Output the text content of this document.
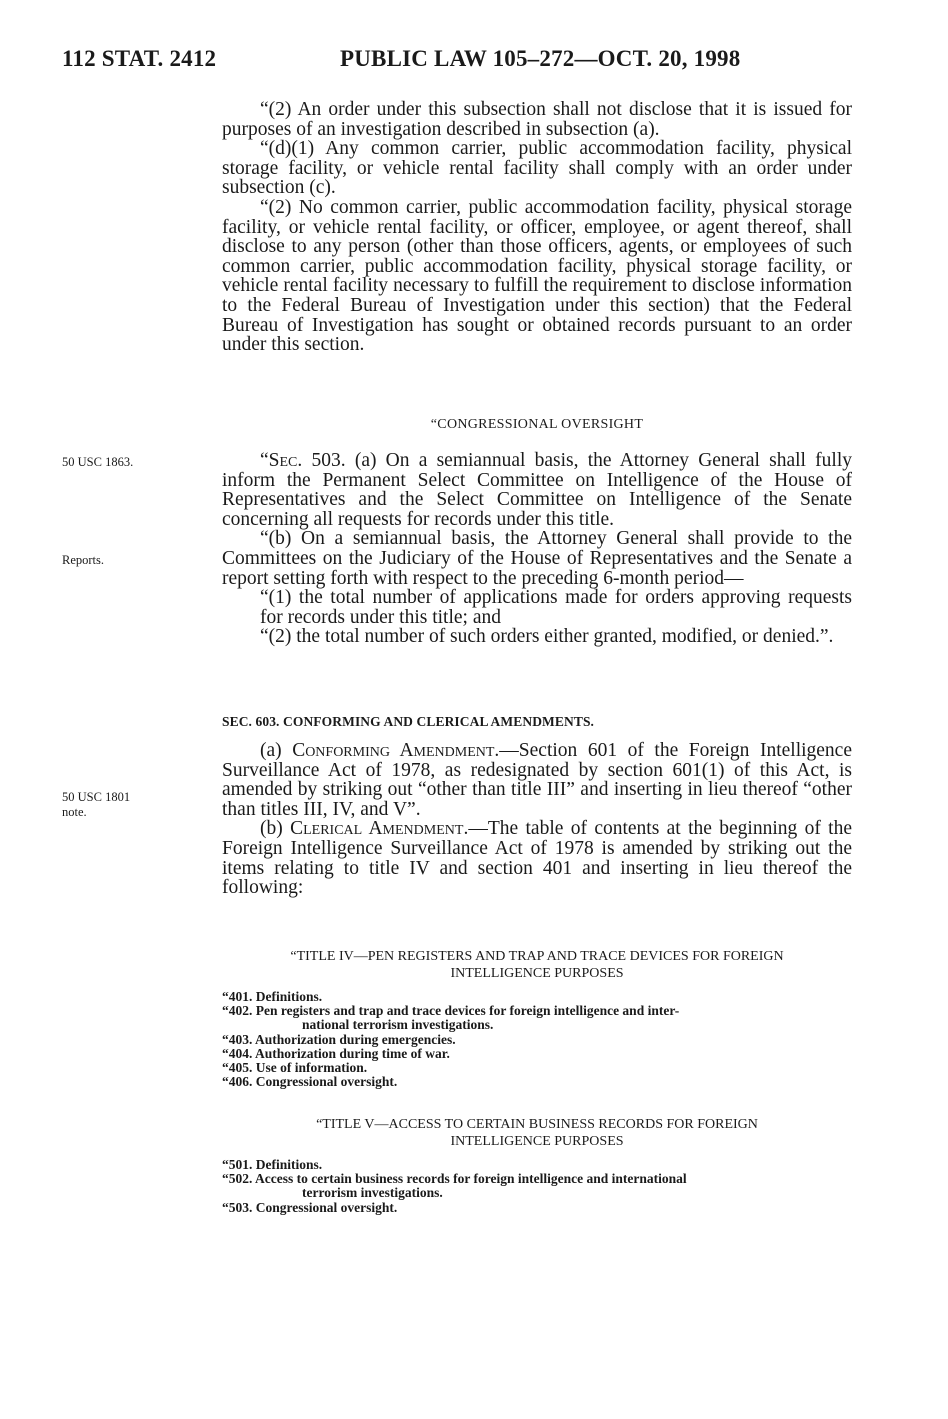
112 STAT. 2412	PUBLIC LAW 105–272—OCT. 20, 1998

“(2) An order under this subsection shall not disclose that it is issued for purposes of an investigation described in subsection (a).

“(d)(1) Any common carrier, public accommodation facility, physical storage facility, or vehicle rental facility shall comply with an order under subsection (c).

“(2) No common carrier, public accommodation facility, physical storage facility, or vehicle rental facility, or officer, employee, or agent thereof, shall disclose to any person (other than those officers, agents, or employees of such common carrier, public accommodation facility, physical storage facility, or vehicle rental facility necessary to fulfill the requirement to disclose information to the Federal Bureau of Investigation under this section) that the Federal Bureau of Investigation has sought or obtained records pursuant to an order under this section.

“CONGRESSIONAL OVERSIGHT
50 USC 1863.
Reports.
50 USC 1801
note.

“Sec. 503. (a) On a semiannual basis, the Attorney General shall fully inform the Permanent Select Committee on Intelligence of the House of Representatives and the Select Committee on Intelligence of the Senate concerning all requests for records under this title.

“(b) On a semiannual basis, the Attorney General shall provide to the Committees on the Judiciary of the House of Representatives and the Senate a report setting forth with respect to the preceding 6-month period—

“(1) the total number of applications made for orders approving requests for records under this title; and

“(2) the total number of such orders either granted, modified, or denied.”.

SEC. 603. CONFORMING AND CLERICAL AMENDMENTS.

(a) Conforming Amendment.—Section 601 of the Foreign Intelligence Surveillance Act of 1978, as redesignated by section 601(1) of this Act, is amended by striking out “other than title III” and inserting in lieu thereof “other than titles III, IV, and V”.

(b) Clerical Amendment.—The table of contents at the beginning of the Foreign Intelligence Surveillance Act of 1978 is amended by striking out the items relating to title IV and section 401 and inserting in lieu thereof the following:

“TITLE IV—PEN REGISTERS AND TRAP AND TRACE DEVICES FOR FOREIGN
INTELLIGENCE PURPOSES
“401. Definitions.
“402. Pen registers and trap and trace devices for foreign intelligence and inter-
national terrorism investigations.
“403. Authorization during emergencies.
“404. Authorization during time of war.
“405. Use of information.
“406. Congressional oversight.
“TITLE V—ACCESS TO CERTAIN BUSINESS RECORDS FOR FOREIGN
INTELLIGENCE PURPOSES
“501. Definitions.
“502. Access to certain business records for foreign intelligence and international
terrorism investigations.
“503. Congressional oversight.
